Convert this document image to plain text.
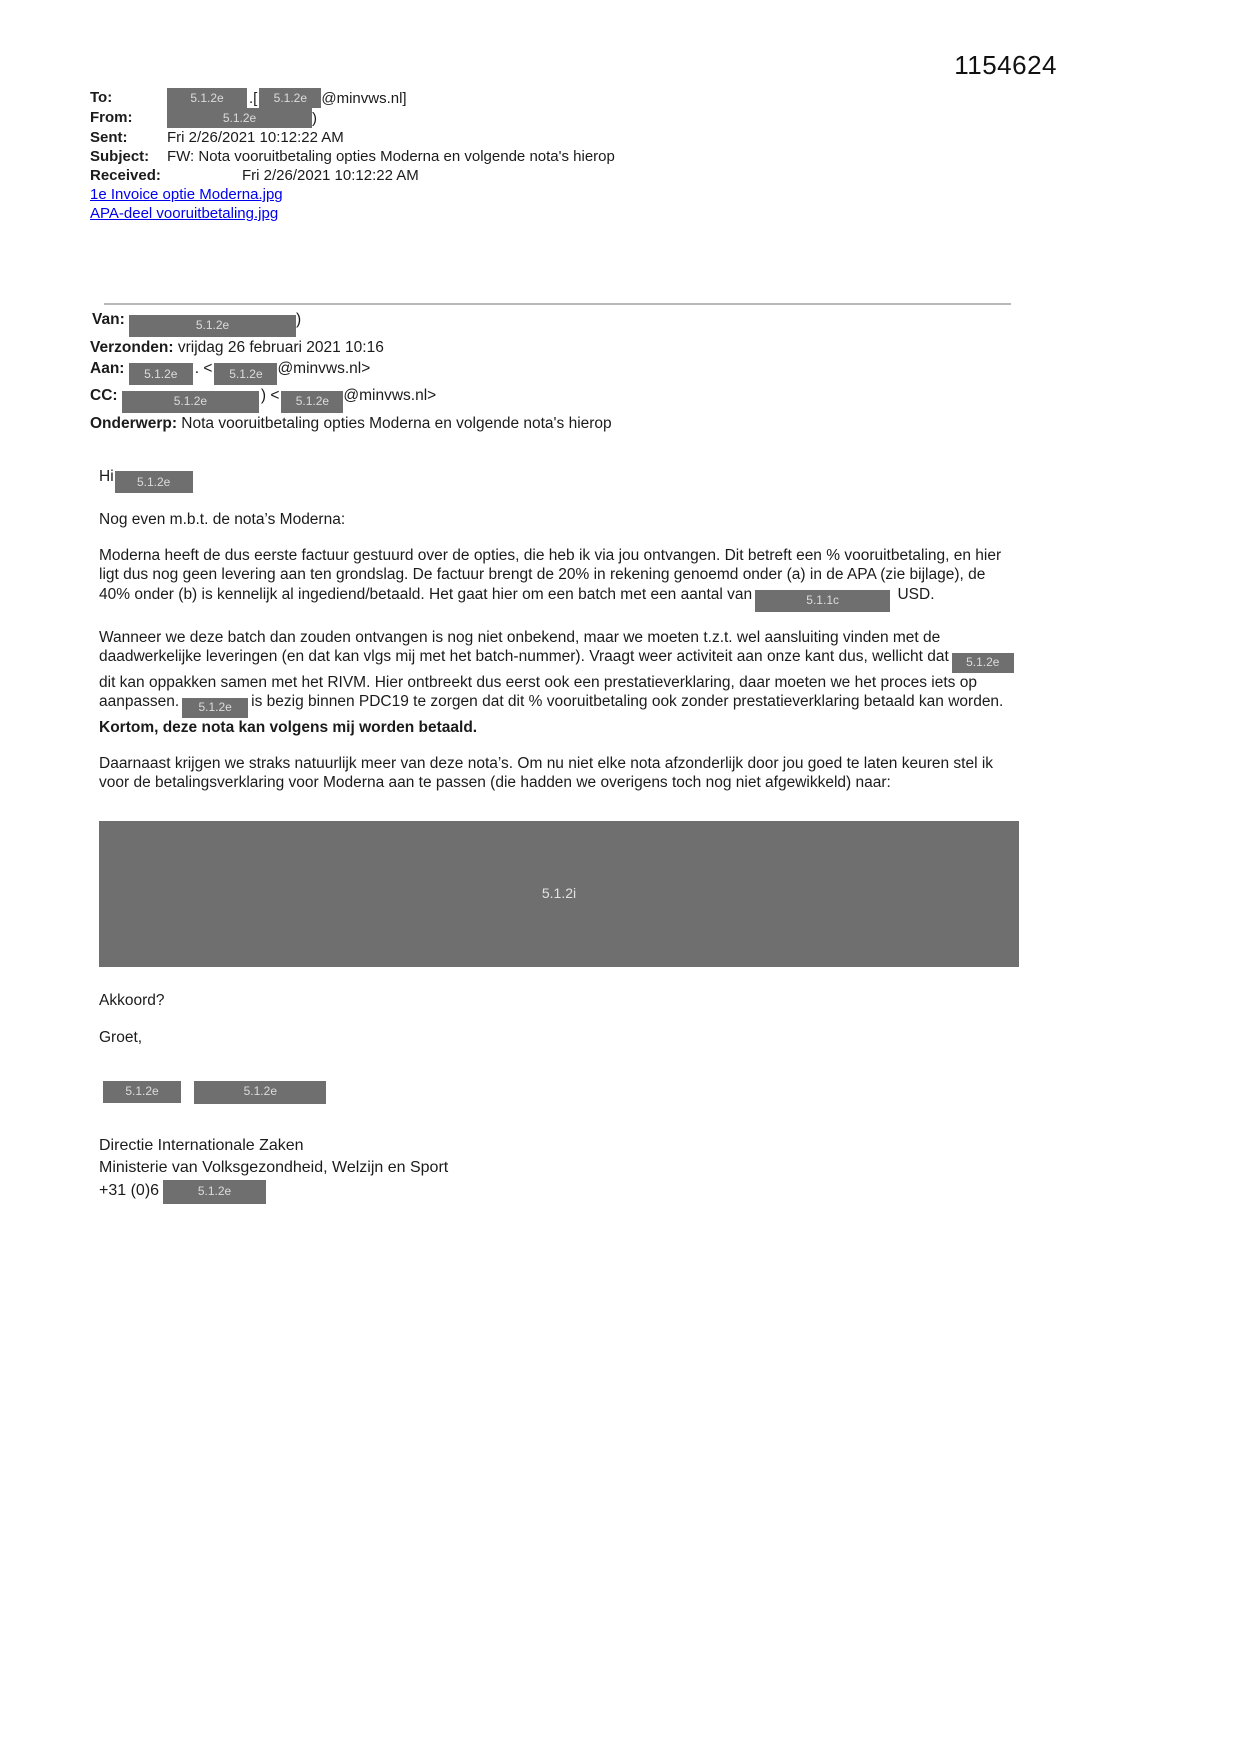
1154624
To:	5.1.2e	.[	5.1.2e @minvws.nl]
From:	5.1.2e	)
Sent:	Fri 2/26/2021 10:12:22 AM
Subject:	FW: Nota vooruitbetaling opties Moderna en volgende nota's hierop
Received:	Fri 2/26/2021 10:12:22 AM
1e Invoice optie Moderna.jpg
APA-deel vooruitbetaling.jpg
Van:	5.1.2e	)
Verzonden: vrijdag 26 februari 2021 10:16
Aan: 5.1.2e . < 5.1.2e @minvws.nl>
CC:	5.1.2e	) < 5.1.2e @minvws.nl>
Onderwerp: Nota vooruitbetaling opties Moderna en volgende nota's hierop
Hi 5.1.2e
Nog even m.b.t. de nota’s Moderna:
Moderna heeft de dus eerste factuur gestuurd over de opties, die heb ik via jou ontvangen. Dit betreft een % vooruitbetaling, en hier ligt dus nog geen levering aan ten grondslag. De factuur brengt de 20% in rekening genoemd onder (a) in de APA (zie bijlage), de 40% onder (b) is kennelijk al ingediend/betaald. Het gaat hier om een batch met een aantal van	5.1.1c	USD.
Wanneer we deze batch dan zouden ontvangen is nog niet onbekend, maar we moeten t.z.t. wel aansluiting vinden met de daadwerkelijke leveringen (en dat kan vlgs mij met het batch-nummer). Vraagt weer activiteit aan onze kant dus, wellicht dat 5.1.2edit kan oppakken samen met het RIVM. Hier ontbreekt dus eerst ook een prestatieverklaring, daar moeten we het proces iets op aanpassen. 5.1.2e is bezig binnen PDC19 te zorgen dat dit % vooruitbetaling ook zonder prestatieverklaring betaald kan worden. Kortom, deze nota kan volgens mij worden betaald.
Daarnaast krijgen we straks natuurlijk meer van deze nota’s. Om nu niet elke nota afzonderlijk door jou goed te laten keuren stel ik voor de betalingsverklaring voor Moderna aan te passen (die hadden we overigens toch nog niet afgewikkeld) naar:
5.1.2i
Akkoord?
Groet,
5.1.2e	5.1.2e
Directie Internationale Zaken
Ministerie van Volksgezondheid, Welzijn en Sport
+31 (0)6	5.1.2e
